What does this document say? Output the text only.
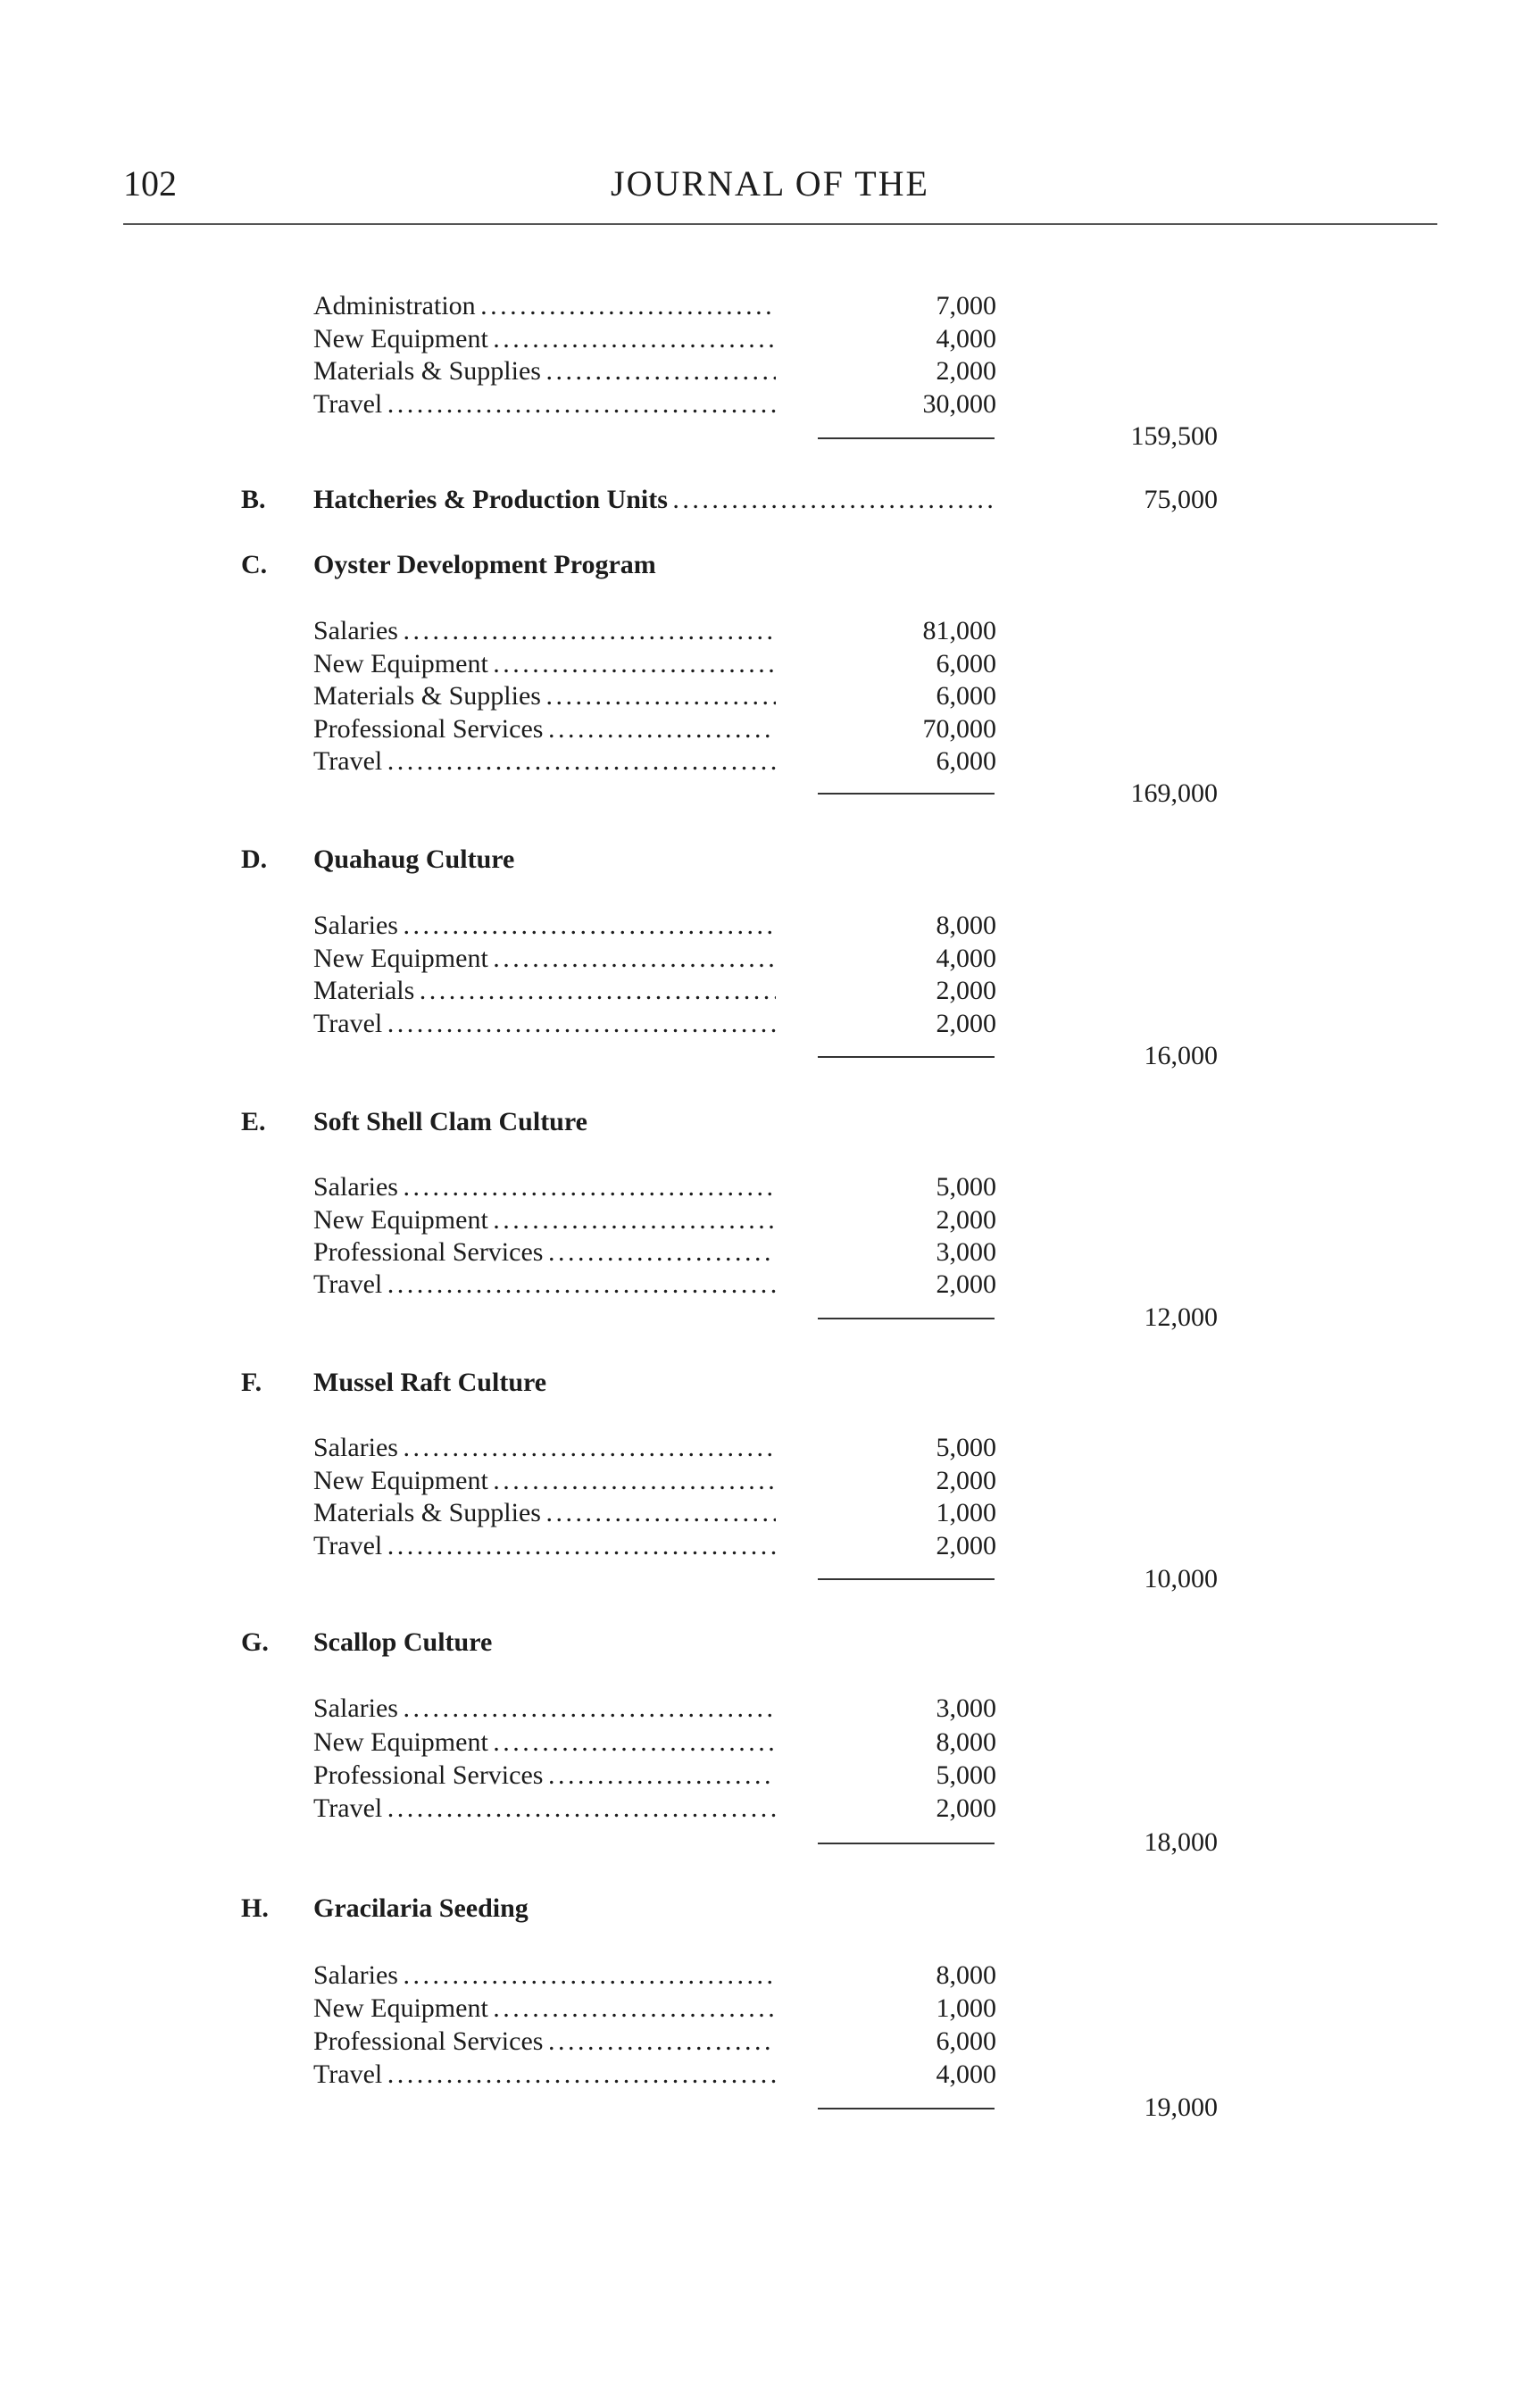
102	JOURNAL OF THE
Administration . . .	7,000
New Equipment . . .	4,000
Materials & Supplies . . .	2,000
Travel . . .	30,000
159,500
B. Hatcheries & Production Units . . .	75,000
C. Oyster Development Program
Salaries . . .	81,000
New Equipment . . .	6,000
Materials & Supplies . . .	6,000
Professional Services . . .	70,000
Travel . . .	6,000
169,000
D. Quahaug Culture
Salaries . . .	8,000
New Equipment . . .	4,000
Materials . . .	2,000
Travel . . .	2,000
16,000
E. Soft Shell Clam Culture
Salaries . . .	5,000
New Equipment . . .	2,000
Professional Services . . .	3,000
Travel . . .	2,000
12,000
F. Mussel Raft Culture
Salaries . . .	5,000
New Equipment . . .	2,000
Materials & Supplies . . .	1,000
Travel . . .	2,000
10,000
G. Scallop Culture
Salaries . . .	3,000
New Equipment . . .	8,000
Professional Services . . .	5,000
Travel . . .	2,000
18,000
H. Gracilaria Seeding
Salaries . . .	8,000
New Equipment . . .	1,000
Professional Services . . .	6,000
Travel . . .	4,000
19,000
